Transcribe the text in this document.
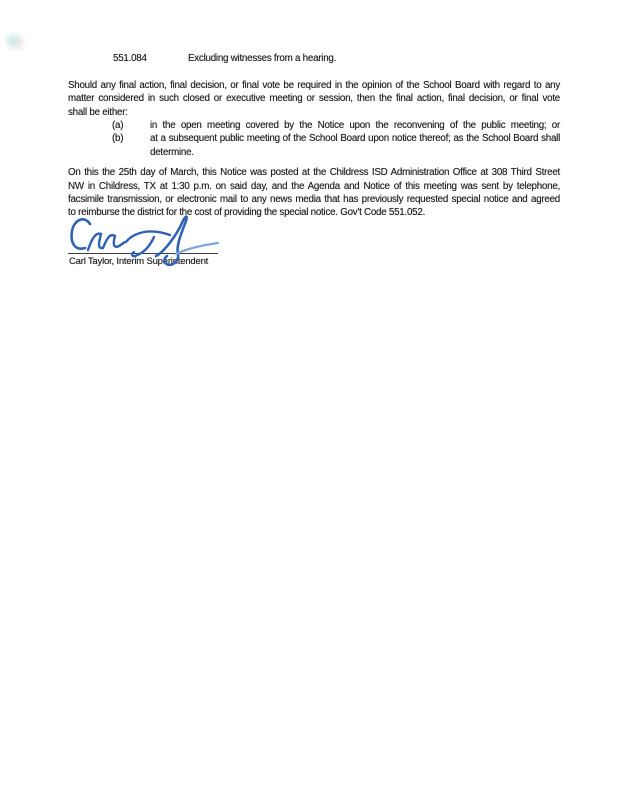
551.084	Excluding witnesses from a hearing.
Should any final action, final decision, or final vote be required in the opinion of the School Board with regard to any
matter considered in such closed or executive meeting or session, then the final action, final decision, or final vote
shall be either:
(a)	in the open meeting covered by the Notice upon the reconvening of the public meeting; or
(b)	at a subsequent public meeting of the School Board upon notice thereof; as the School Board shall
determine.
On this the 25th day of March, this Notice was posted at the Childress ISD Administration Office at 308 Third Street
NW in Childress, TX at 1:30 p.m. on said day, and the Agenda and Notice of this meeting was sent by telephone,
facsimile transmission, or electronic mail to any news media that has previously requested special notice and agreed
to reimburse the district for the cost of providing the special notice. Gov't Code 551.052.
Carl Taylor, Interim Superintendent
